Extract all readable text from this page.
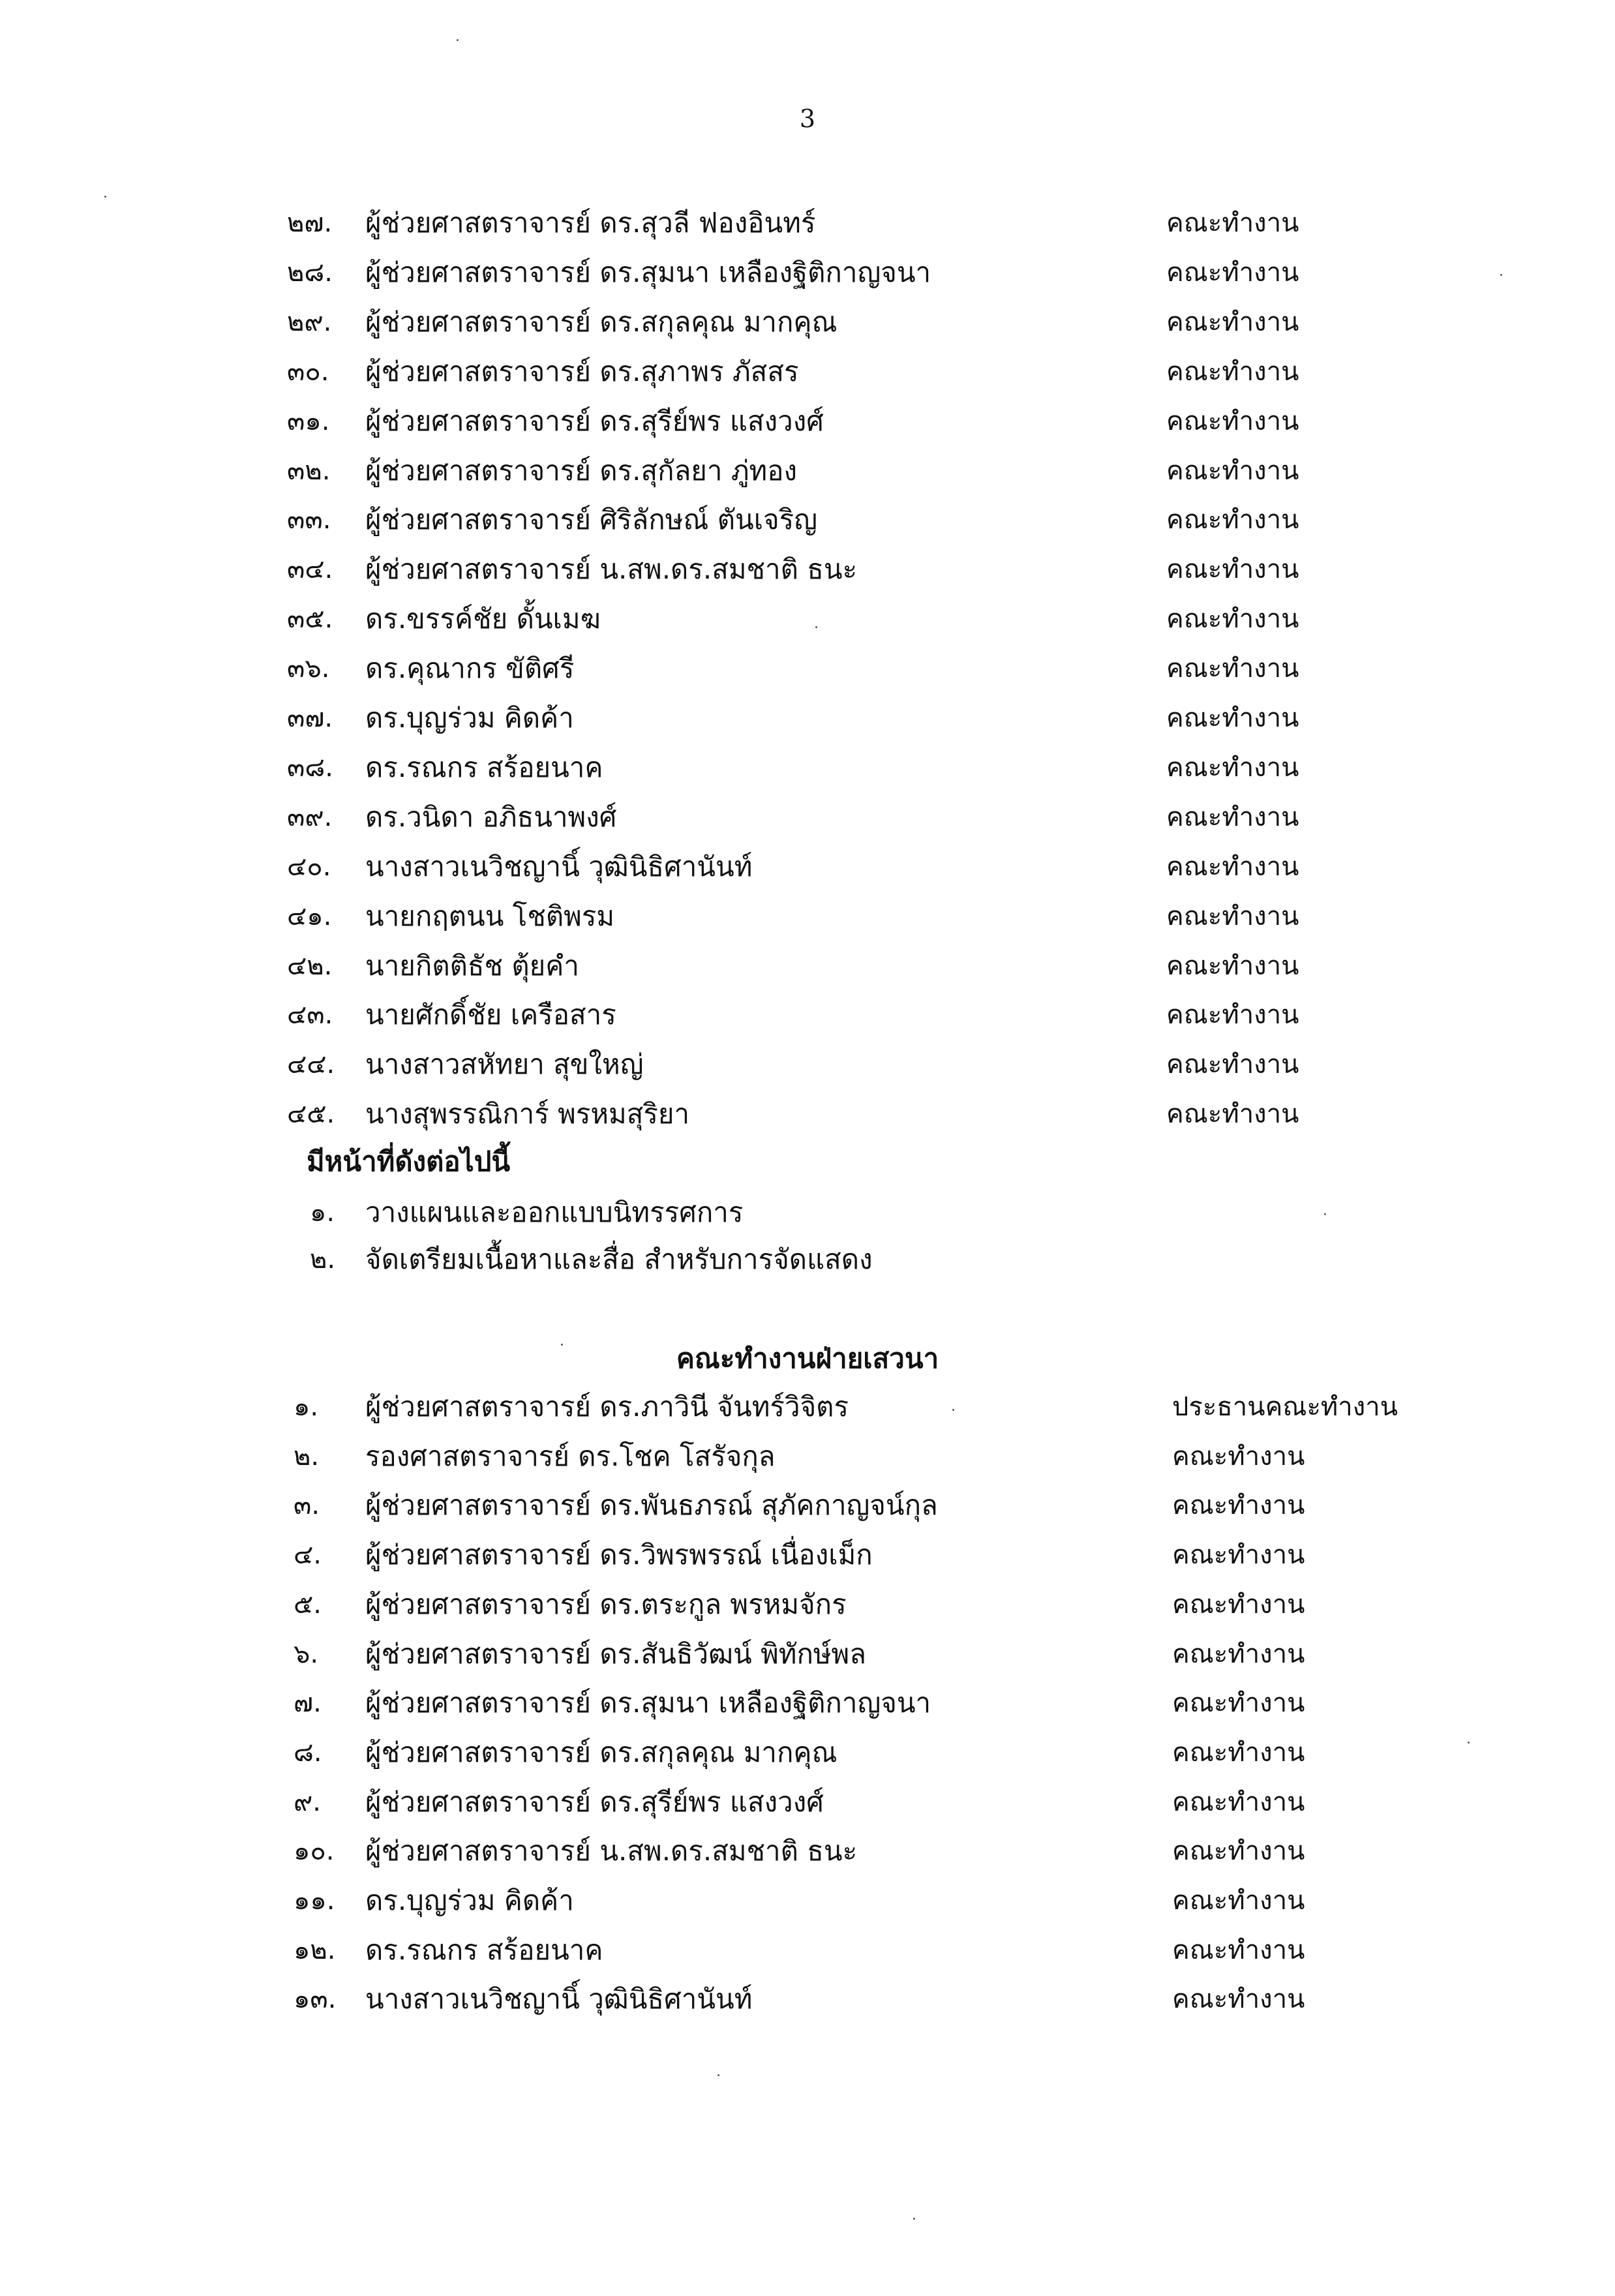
3
๒๗. ผู้ช่วยศาสตราจารย์ ดร.สุวลี ฟองอินทร์	คณะทำงาน
๒๘. ผู้ช่วยศาสตราจารย์ ดร.สุมนา เหลืองฐิติกาญจนา	คณะทำงาน
๒๙. ผู้ช่วยศาสตราจารย์ ดร.สกุลคุณ มากคุณ	คณะทำงาน
๓๐. ผู้ช่วยศาสตราจารย์ ดร.สุภาพร ภัสสร	คณะทำงาน
๓๑. ผู้ช่วยศาสตราจารย์ ดร.สุรีย์พร แสงวงศ์	คณะทำงาน
๓๒. ผู้ช่วยศาสตราจารย์ ดร.สุกัลยา ภู่ทอง	คณะทำงาน
๓๓. ผู้ช่วยศาสตราจารย์ ศิริลักษณ์ ตันเจริญ	คณะทำงาน
๓๔. ผู้ช่วยศาสตราจารย์ น.สพ.ดร.สมชาติ ธนะ	คณะทำงาน
๓๕. ดร.ขรรค์ชัย ดั้นเมฆ	คณะทำงาน
๓๖. ดร.คุณากร ขัติศรี	คณะทำงาน
๓๗. ดร.บุญร่วม คิดค้า	คณะทำงาน
๓๘. ดร.รณกร สร้อยนาค	คณะทำงาน
๓๙. ดร.วนิดา อภิธนาพงศ์	คณะทำงาน
๔๐. นางสาวเนวิชญานิ์ วุฒินิธิศานันท์	คณะทำงาน
๔๑. นายกฤตนน โชติพรม	คณะทำงาน
๔๒. นายกิตติธัช ตุ้ยคำ	คณะทำงาน
๔๓. นายศักดิ์ชัย เครือสาร	คณะทำงาน
๔๔. นางสาวสหัทยา สุขใหญ่	คณะทำงาน
๔๕. นางสุพรรณิการ์ พรหมสุริยา	คณะทำงาน
มีหน้าที่ดังต่อไปนี้
๑. วางแผนและออกแบบนิทรรศการ
๒. จัดเตรียมเนื้อหาและสื่อ สำหรับการจัดแสดง
คณะทำงานฝ่ายเสวนา
๑. ผู้ช่วยศาสตราจารย์ ดร.ภาวินี จันทร์วิจิตร	ประธานคณะทำงาน
๒. รองศาสตราจารย์ ดร.โชค โสรัจกุล	คณะทำงาน
๓. ผู้ช่วยศาสตราจารย์ ดร.พันธภรณ์ สุภัคกาญจน์กุล	คณะทำงาน
๔. ผู้ช่วยศาสตราจารย์ ดร.วิพรพรรณ์ เนื่องเม็ก	คณะทำงาน
๕. ผู้ช่วยศาสตราจารย์ ดร.ตระกูล พรหมจักร	คณะทำงาน
๖. ผู้ช่วยศาสตราจารย์ ดร.สันธิวัฒน์ พิทักษ์พล	คณะทำงาน
๗. ผู้ช่วยศาสตราจารย์ ดร.สุมนา เหลืองฐิติกาญจนา	คณะทำงาน
๘. ผู้ช่วยศาสตราจารย์ ดร.สกุลคุณ มากคุณ	คณะทำงาน
๙. ผู้ช่วยศาสตราจารย์ ดร.สุรีย์พร แสงวงศ์	คณะทำงาน
๑๐. ผู้ช่วยศาสตราจารย์ น.สพ.ดร.สมชาติ ธนะ	คณะทำงาน
๑๑. ดร.บุญร่วม คิดค้า	คณะทำงาน
๑๒. ดร.รณกร สร้อยนาค	คณะทำงาน
๑๓. นางสาวเนวิชญานิ์ วุฒินิธิศานันท์	คณะทำงาน
